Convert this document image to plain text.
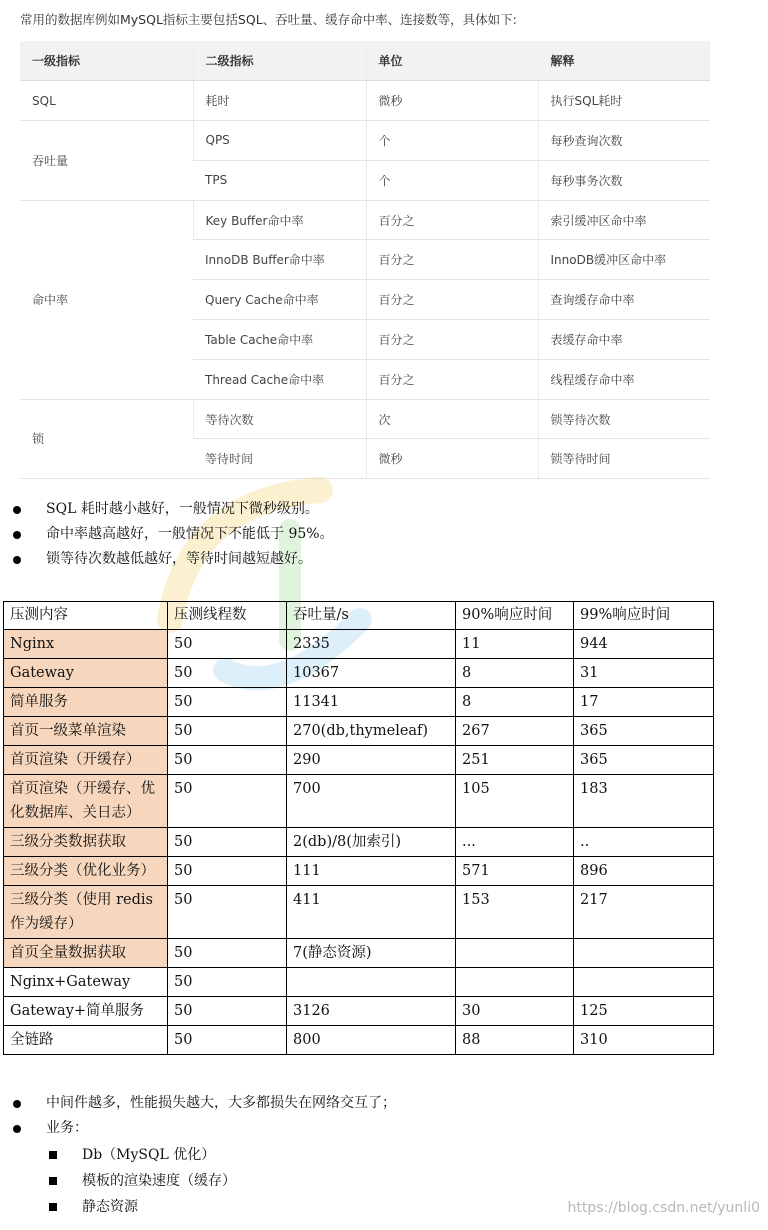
常用的数据库例如MySQL指标主要包括SQL、吞吐量、缓存命中率、连接数等，具体如下:
一级指标	二级指标	单位	解释
SQL	耗时	微秒	执行SQL耗时
吞吐量	QPS	个	每秒查询次数
	TPS	个	每秒事务次数
命中率	Key Buffer命中率	百分之	索引缓冲区命中率
	InnoDB Buffer命中率	百分之	InnoDB缓冲区命中率
	Query Cache命中率	百分之	查询缓存命中率
	Table Cache命中率	百分之	表缓存命中率
	Thread Cache命中率	百分之	线程缓存命中率
锁	等待次数	次	锁等待次数
	等待时间	微秒	锁等待时间
SQL 耗时越小越好，一般情况下微秒级别。
命中率越高越好，一般情况下不能低于 95%。
锁等待次数越低越好，等待时间越短越好。
压测内容	压测线程数	吞吐量/s	90%响应时间	99%响应时间
Nginx	50	2335	11	944
Gateway	50	10367	8	31
简单服务	50	11341	8	17
首页一级菜单渲染	50	270(db,thymeleaf)	267	365
首页渲染（开缓存）	50	290	251	365
首页渲染（开缓存、优化数据库、关日志）	50	700	105	183
三级分类数据获取	50	2(db)/8(加索引)	...	..
三级分类（优化业务）	50	111	571	896
三级分类（使用 redis 作为缓存）	50	411	153	217
首页全量数据获取	50	7(静态资源)		
Nginx+Gateway	50			
Gateway+简单服务	50	3126	30	125
全链路	50	800	88	310
中间件越多，性能损失越大，大多都损失在网络交互了；
业务：
Db（MySQL 优化）
模板的渲染速度（缓存）
静态资源	https://blog.csdn.net/yunli0
